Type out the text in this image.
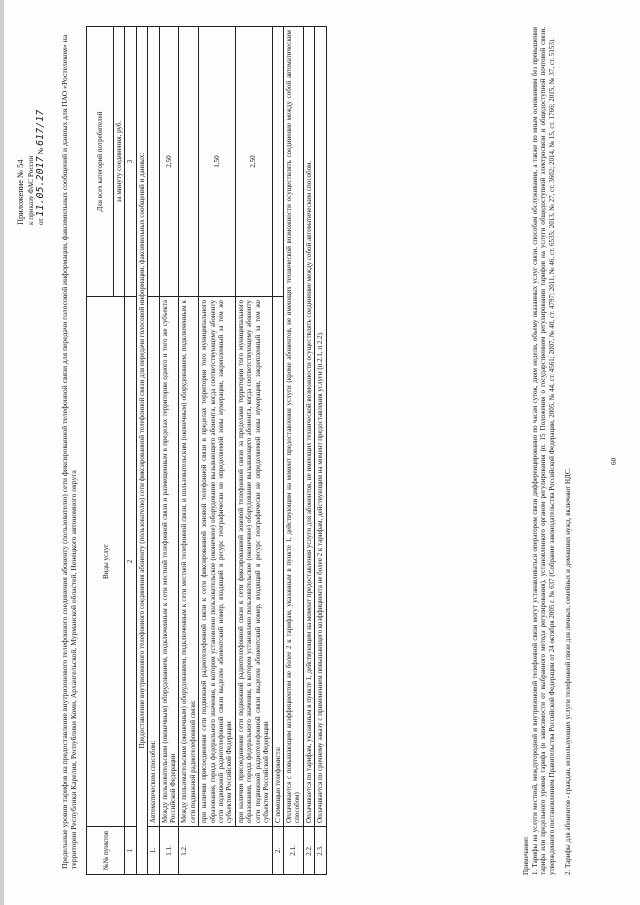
Приложение № 54 к приказу ФАС России от 11.05.2017 № 617/17 Предельные уровни тарифов на предоставление внутризонового телефонного соединения абоненту (пользователю) сети фиксированной телефонной связи для передачи голосовой информации, факсимильных сообщений и данных для ПАО «Ростелеком» на территории Республики Карелия, Республики Коми, Архангельской, Мурманской областей, Ненецкого автономного округа	№№ пунктов	Виды услуг	Для всех категорий потребителей
		за минуту соединения, руб.
1	2	3
Предоставление внутризонового телефонного соединения абоненту (пользователю) сети фиксированной телефонной связи для передачи голосовой информации, факсимильных сообщений и данных:		
1.	Автоматическим способом:	
1.1.	Между пользовательским (оконечным) оборудованием, подключенным к сети местной телефонной связи и размещенным в пределах территории одного и того же субъекта Российской Федерации	2,50
1.2.	Между пользовательским (оконечным) оборудованием, подключенным к сети местной телефонной связи, и пользовательским (оконечным) оборудованием, подключенным к сети подвижной радиотелефонной связи:	
	при наличии присоединения сети подвижной радиотелефонной связи к сети фиксированной зоновой телефонной связи в пределах территории того муниципального образования, города федерального значения, в котором установлено пользовательское (оконечное) оборудование вызывающего абонента, когда соответствующему абоненту сети подвижной радиотелефонной связи выделен абонентский номер, входящий в ресурс географически не определяемой зоны нумерации, закрепленный за тем же субъектом Российской Федерации	1,50
	при наличии присоединения сети подвижной радиотелефонной связи к сети фиксированной зоновой телефонной связи за пределами территории того муниципального образования, города федерального значения, в котором установлено пользовательское (оконечное) оборудование вызывающего абонента, когда соответствующему абоненту сети подвижной радиотелефонной связи выделен абонентский номер, входящий в ресурс географически не определяемой зоны нумерации, закрепленный за тем же субъектом Российской Федерации	2,50
2.	С помощью телефониста:	
2.1.	Оплачивается с повышающим коэффициентом не более 2 к тарифам, указанным в пункте 1, действующим на момент предоставления услуги (кроме абонентов, не имеющих технической возможности осуществлять соединение между собой автоматическим способом)	
2.2.	Оплачивается по тарифам, указанным в пункте 1, действующим на момент предоставления услуги для абонентов, не имеющих технической возможности осуществлять соединение между собой автоматическим способом.	
2.3.	Оплачивается по срочному заказу с применением повышающего коэффициента не более 2 к тарифам, действующим на момент предоставления услуги (п.2.1, п.2.2).	

Примечание: 1. Тарифы на услуги местной, междугородной и внутризоновой телефонной связи могут устанавливаться оператором связи дифференцированно по часам суток, дням недели, объему оказанных услуг связи, способам обслуживания, а также по иным основаниям без превышения тарифа или предельного уровня тарифа (в зависимости от выбранного метода регулирования), установленного органом регулирования (п. 15 Положения о государственном регулировании тарифов на услуги общедоступной электросвязи и общедоступной почтовой связи, утвержденного постановлением Правительства Российской Федерации от 24 октября 2005 г. № 637 (Собрание законодательства Российской Федерации, 2005, № 44, ст. 4561; 2007, № 40, ст. 4797; 2011, № 46, ст. 6535; 2013, № 27, ст. 3602; 2014, № 15, ст. 1766; 2015, № 37, ст. 5153). 2. Тарифы для абонентов - граждан, использующих услуги телефонной связи для личных, семейных и домашних нужд, включают НДС.

60
